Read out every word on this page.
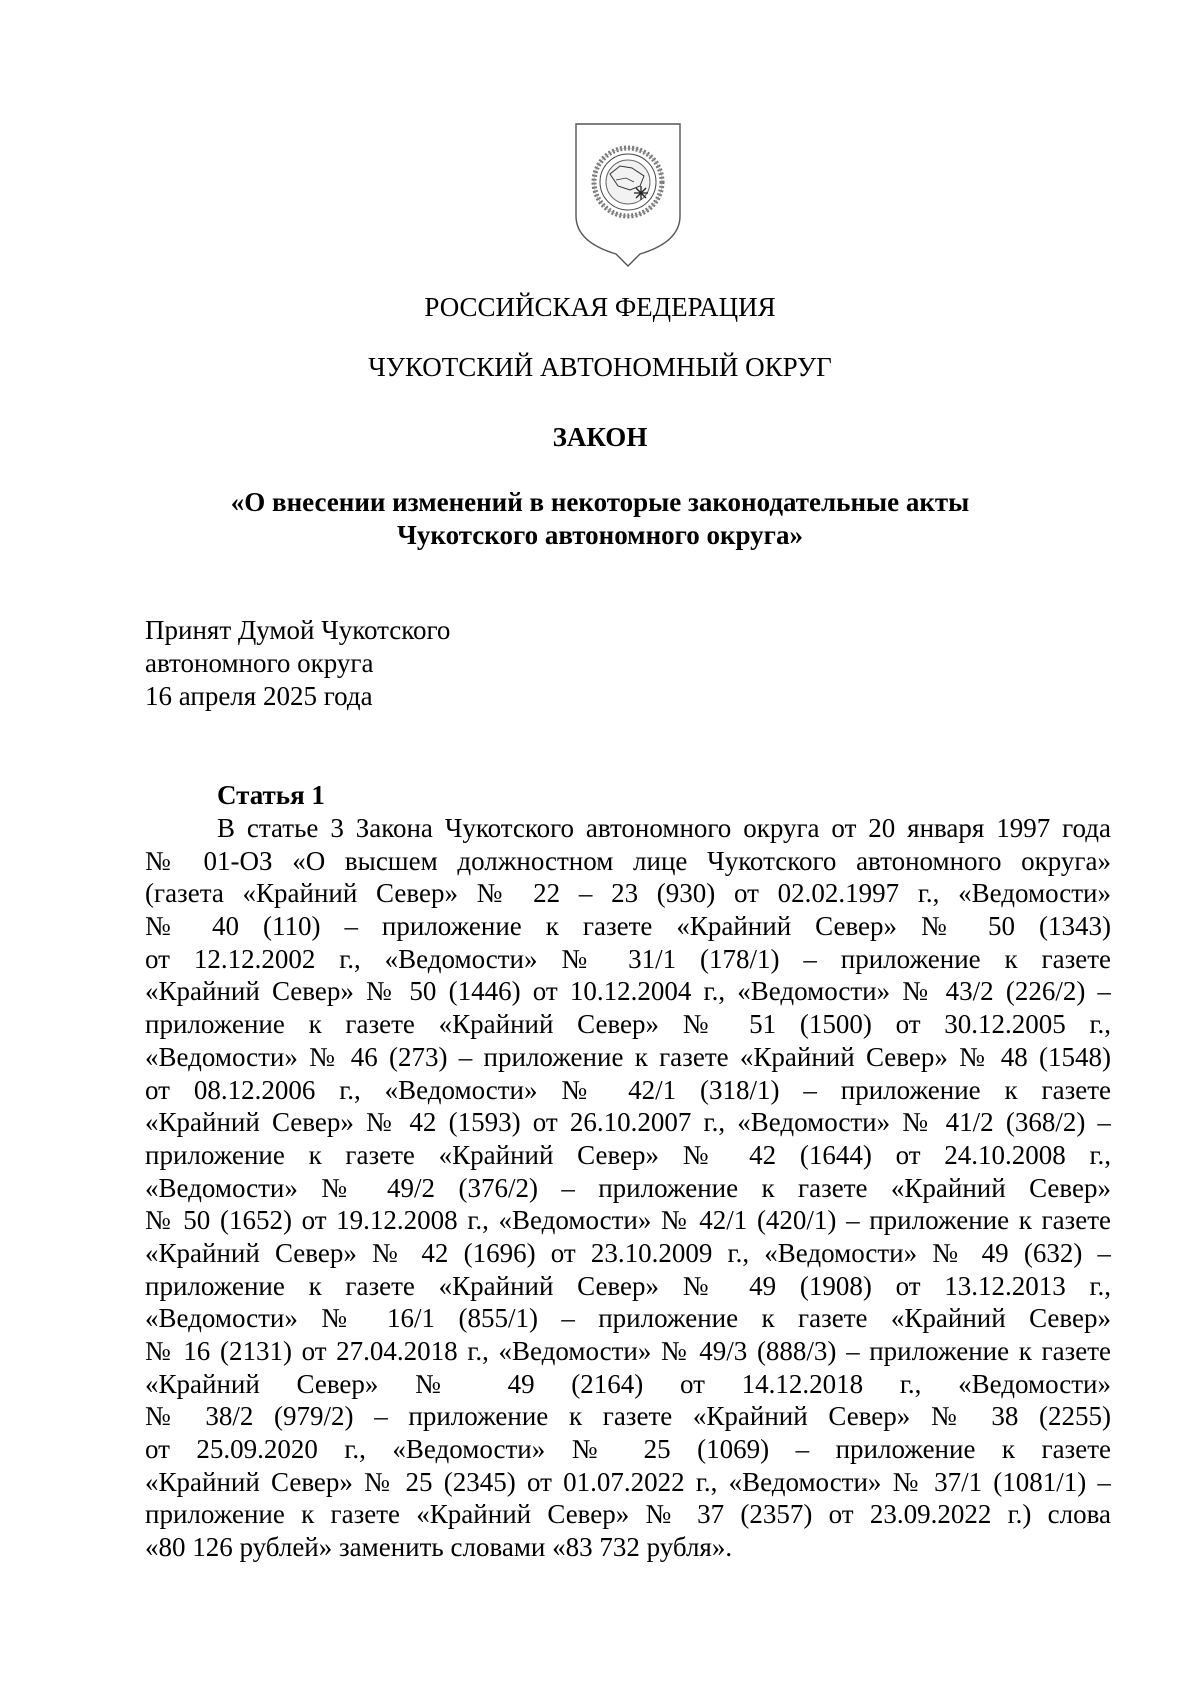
РОССИЙСКАЯ ФЕДЕРАЦИЯ
ЧУКОТСКИЙ АВТОНОМНЫЙ ОКРУГ
ЗАКОН
«О внесении изменений в некоторые законодательные акты
Чукотского автономного округа»
Принят Думой Чукотского
автономного округа
16 апреля 2025 года
Статья 1
В статье 3 Закона Чукотского автономного округа от 20 января 1997 года
№ 01-ОЗ «О высшем должностном лице Чукотского автономного округа»
(газета «Крайний Север» № 22 – 23 (930) от 02.02.1997 г., «Ведомости»
№ 40 (110) – приложение к газете «Крайний Север» № 50 (1343)
от 12.12.2002 г., «Ведомости» № 31/1 (178/1) – приложение к газете
«Крайний Север» № 50 (1446) от 10.12.2004 г., «Ведомости» № 43/2 (226/2) –
приложение к газете «Крайний Север» № 51 (1500) от 30.12.2005 г.,
«Ведомости» № 46 (273) – приложение к газете «Крайний Север» № 48 (1548)
от 08.12.2006 г., «Ведомости» № 42/1 (318/1) – приложение к газете
«Крайний Север» № 42 (1593) от 26.10.2007 г., «Ведомости» № 41/2 (368/2) –
приложение к газете «Крайний Север» № 42 (1644) от 24.10.2008 г.,
«Ведомости» № 49/2 (376/2) – приложение к газете «Крайний Север»
№ 50 (1652) от 19.12.2008 г., «Ведомости» № 42/1 (420/1) – приложение к газете
«Крайний Север» № 42 (1696) от 23.10.2009 г., «Ведомости» № 49 (632) –
приложение к газете «Крайний Север» № 49 (1908) от 13.12.2013 г.,
«Ведомости» № 16/1 (855/1) – приложение к газете «Крайний Север»
№ 16 (2131) от 27.04.2018 г., «Ведомости» № 49/3 (888/3) – приложение к газете
«Крайний Север» № 49 (2164) от 14.12.2018 г., «Ведомости»
№ 38/2 (979/2) – приложение к газете «Крайний Север» № 38 (2255)
от 25.09.2020 г., «Ведомости» № 25 (1069) – приложение к газете
«Крайний Север» № 25 (2345) от 01.07.2022 г., «Ведомости» № 37/1 (1081/1) –
приложение к газете «Крайний Север» № 37 (2357) от 23.09.2022 г.) слова
«80 126 рублей» заменить словами «83 732 рубля».
